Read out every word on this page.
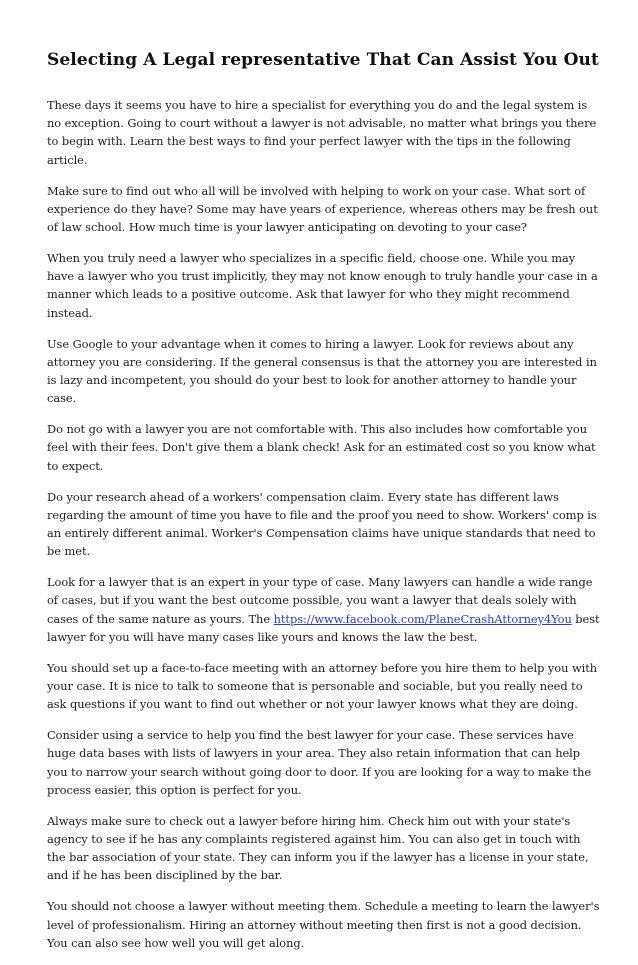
Selecting A Legal representative That Can Assist You Out

These days it seems you have to hire a specialist for everything you do and the legal system is no exception. Going to court without a lawyer is not advisable, no matter what brings you there to begin with. Learn the best ways to find your perfect lawyer with the tips in the following article.

Make sure to find out who all will be involved with helping to work on your case. What sort of experience do they have? Some may have years of experience, whereas others may be fresh out of law school. How much time is your lawyer anticipating on devoting to your case?

When you truly need a lawyer who specializes in a specific field, choose one. While you may have a lawyer who you trust implicitly, they may not know enough to truly handle your case in a manner which leads to a positive outcome. Ask that lawyer for who they might recommend instead.

Use Google to your advantage when it comes to hiring a lawyer. Look for reviews about any attorney you are considering. If the general consensus is that the attorney you are interested in is lazy and incompetent, you should do your best to look for another attorney to handle your case.

Do not go with a lawyer you are not comfortable with. This also includes how comfortable you feel with their fees. Don't give them a blank check! Ask for an estimated cost so you know what to expect.

Do your research ahead of a workers' compensation claim. Every state has different laws regarding the amount of time you have to file and the proof you need to show. Workers' comp is an entirely different animal. Worker's Compensation claims have unique standards that need to be met.

Look for a lawyer that is an expert in your type of case. Many lawyers can handle a wide range of cases, but if you want the best outcome possible, you want a lawyer that deals solely with cases of the same nature as yours. The https://www.facebook.com/PlaneCrashAttorney4You best lawyer for you will have many cases like yours and knows the law the best.

You should set up a face-to-face meeting with an attorney before you hire them to help you with your case. It is nice to talk to someone that is personable and sociable, but you really need to ask questions if you want to find out whether or not your lawyer knows what they are doing.

Consider using a service to help you find the best lawyer for your case. These services have huge data bases with lists of lawyers in your area. They also retain information that can help you to narrow your search without going door to door. If you are looking for a way to make the process easier, this option is perfect for you.

Always make sure to check out a lawyer before hiring him. Check him out with your state's agency to see if he has any complaints registered against him. You can also get in touch with the bar association of your state. They can inform you if the lawyer has a license in your state, and if he has been disciplined by the bar.

You should not choose a lawyer without meeting them. Schedule a meeting to learn the lawyer's level of professionalism. Hiring an attorney without meeting then first is not a good decision. You can also see how well you will get along.
